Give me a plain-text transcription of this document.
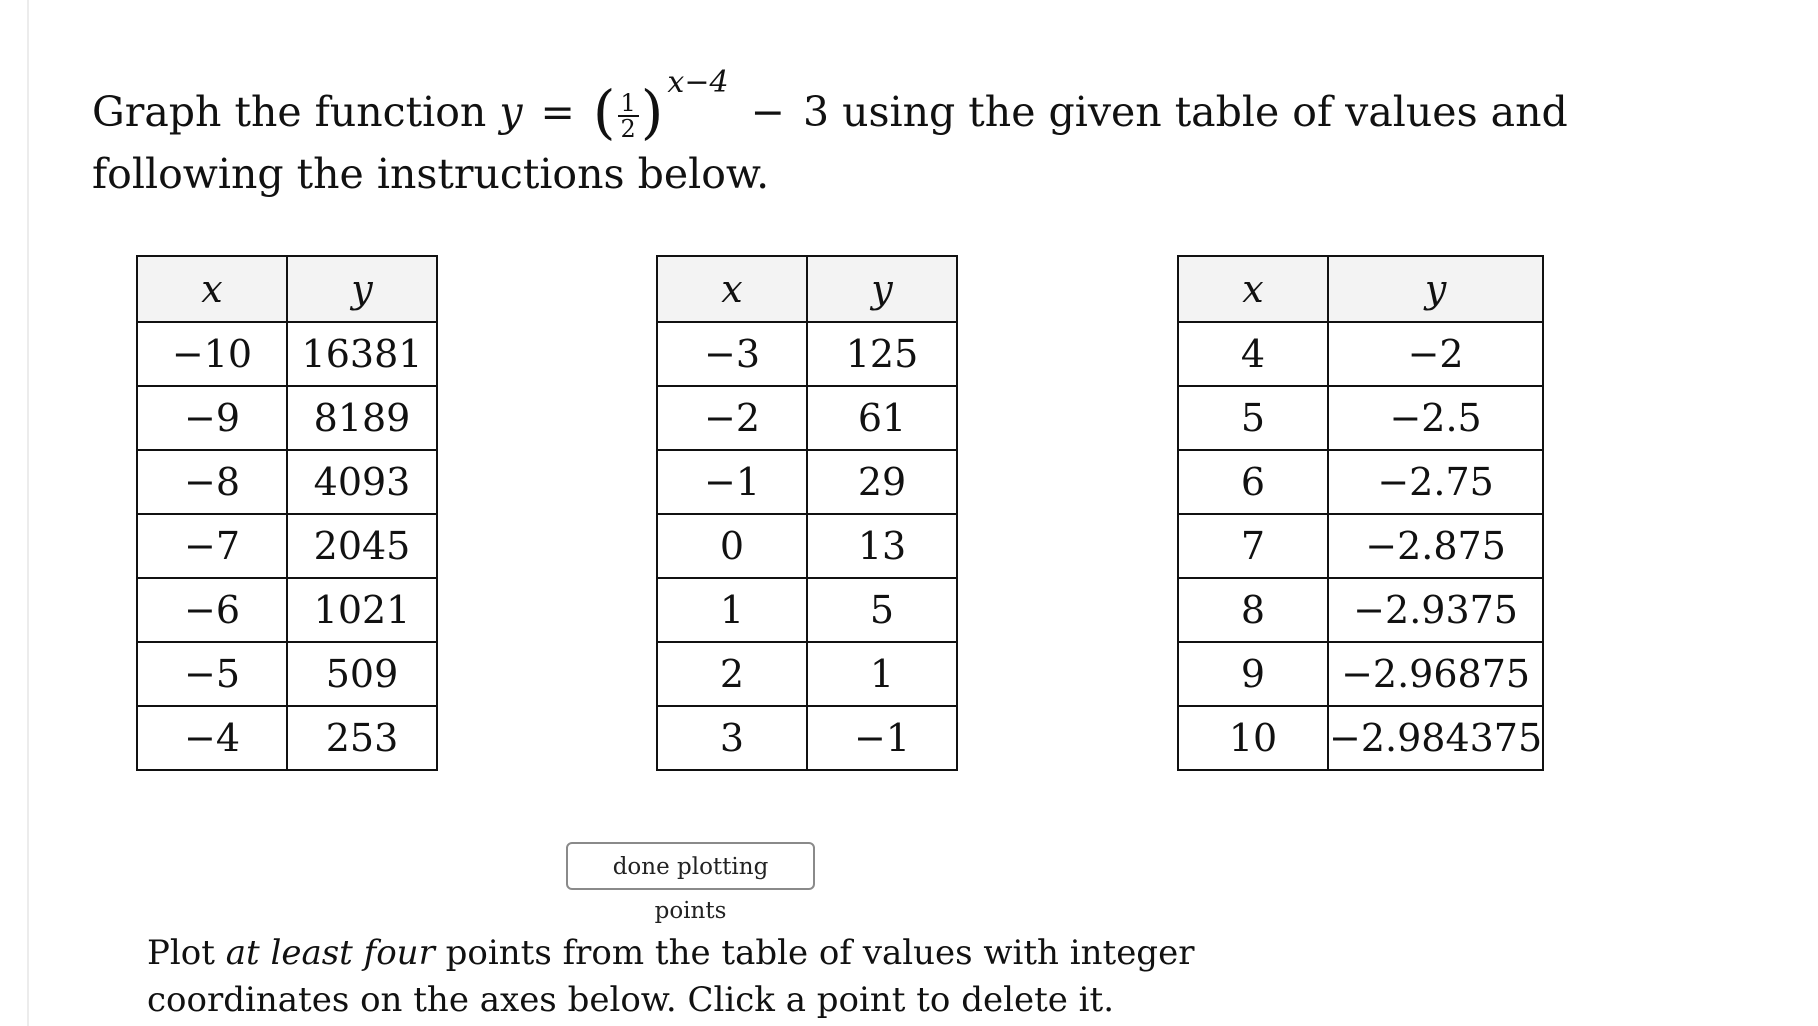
Graph the function y = ( $\frac{1}{2}$ ) $^{x-4}$− 3 using the given table of values and following the instructions below.
x	y
−10	16381
−9	8189
−8	4093
−7	2045
−6	1021
−5	509
−4	253
x	y
−3	125
−2	61
−1	29
0	13
1	5
2	1
3	−1
x	y
4	−2
5	−2.5
6	−2.75
7	−2.875
8	−2.9375
9	−2.96875
10	−2.984375
done plotting points
Plot at least four points from the table of values with integer coordinates on the axes below. Click a point to delete it.
